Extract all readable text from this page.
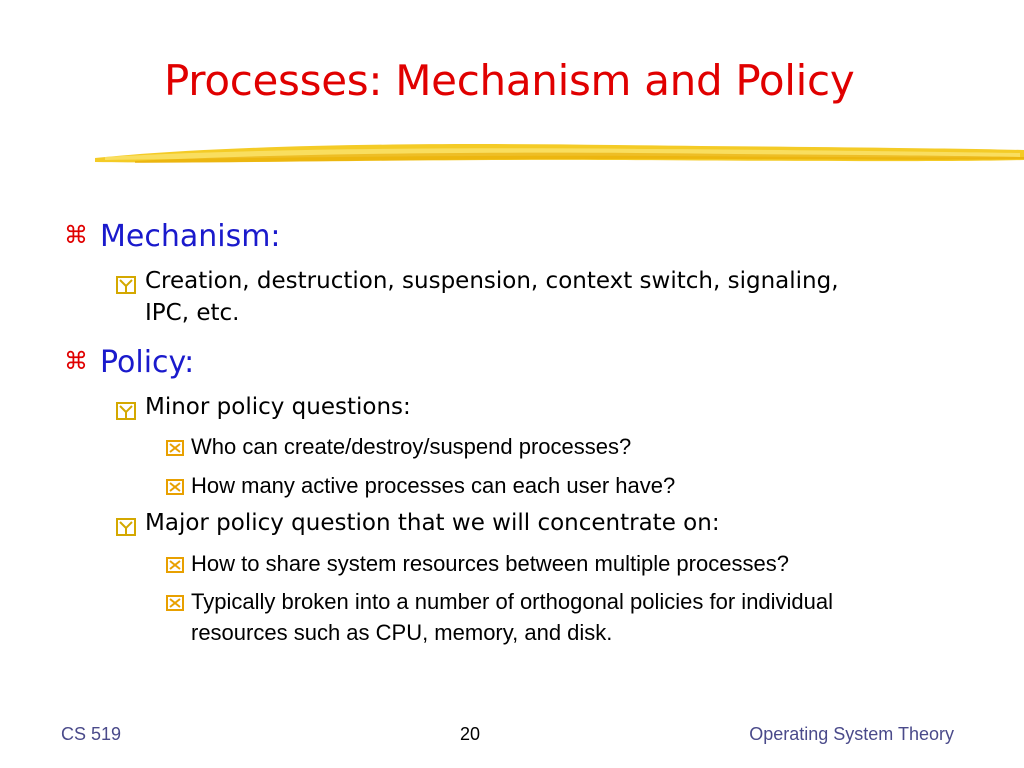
Processes: Mechanism and Policy
⌘ Mechanism:
Creation, destruction, suspension, context switch, signaling,
IPC, etc.
⌘ Policy:
Minor policy questions:
Who can create/destroy/suspend processes?
How many active processes can each user have?
Major policy question that we will concentrate on:
How to share system resources between multiple processes?
Typically broken into a number of orthogonal policies for individual
resources such as CPU, memory, and disk.
CS 519	20	Operating System Theory
